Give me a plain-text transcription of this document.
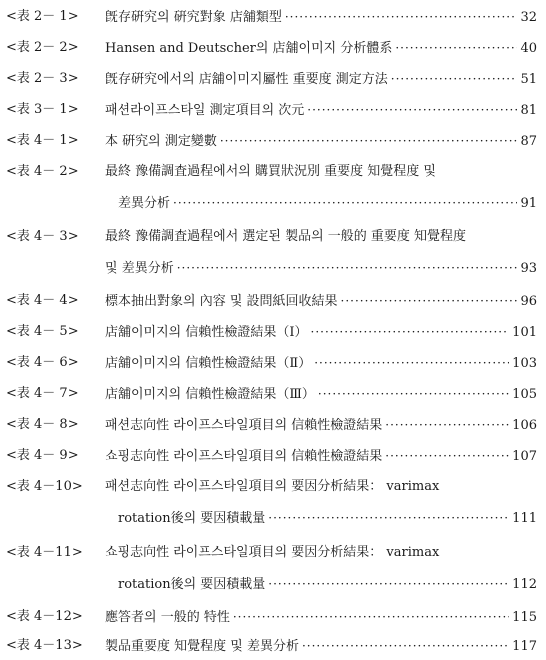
<表 2－ 1> 旣存硏究의 硏究對象 店舖類型 ·····	32
<表 2－ 2> Hansen and Deutscher의 店舖이미지 分析體系 ·····	40
<表 2－ 3> 旣存硏究에서의 店舖이미지屬性 重要度 測定方法 ·····	51
<表 3－ 1> 패션라이프스타일 測定項目의 次元 ·····	81
<表 4－ 1> 本 硏究의 測定變數 ·····	87
<表 4－ 2> 最終 豫備調査過程에서의 購買狀況別 重要度 知覺程度 및
差異分析 ·····	91
<表 4－ 3> 最終 豫備調査過程에서 選定된 製品의 一般的 重要度 知覺程度
및 差異分析 ·····	93
<表 4－ 4> 標本抽出對象의 內容 및 設問紙回收結果 ·····	96
<表 4－ 5> 店舖이미지의 信賴性檢證結果（Ⅰ） ·····	101
<表 4－ 6> 店舖이미지의 信賴性檢證結果（Ⅱ） ·····	103
<表 4－ 7> 店舖이미지의 信賴性檢證結果（Ⅲ） ·····	105
<表 4－ 8> 패션志向性 라이프스타일項目의 信賴性檢證結果 ·····	106
<表 4－ 9> 쇼핑志向性 라이프스타일項目의 信賴性檢證結果 ·····	107
<表 4－10> 패션志向性 라이프스타일項目의 要因分析結果： varimax
rotation後의 要因積載量 ·····	111
<表 4－11> 쇼핑志向性 라이프스타일項目의 要因分析結果： varimax
rotation後의 要因積載量 ·····	112
<表 4－12> 應答者의 一般的 特性 ·····	115
<表 4－13> 製品重要度 知覺程度 및 差異分析 ·····	117
